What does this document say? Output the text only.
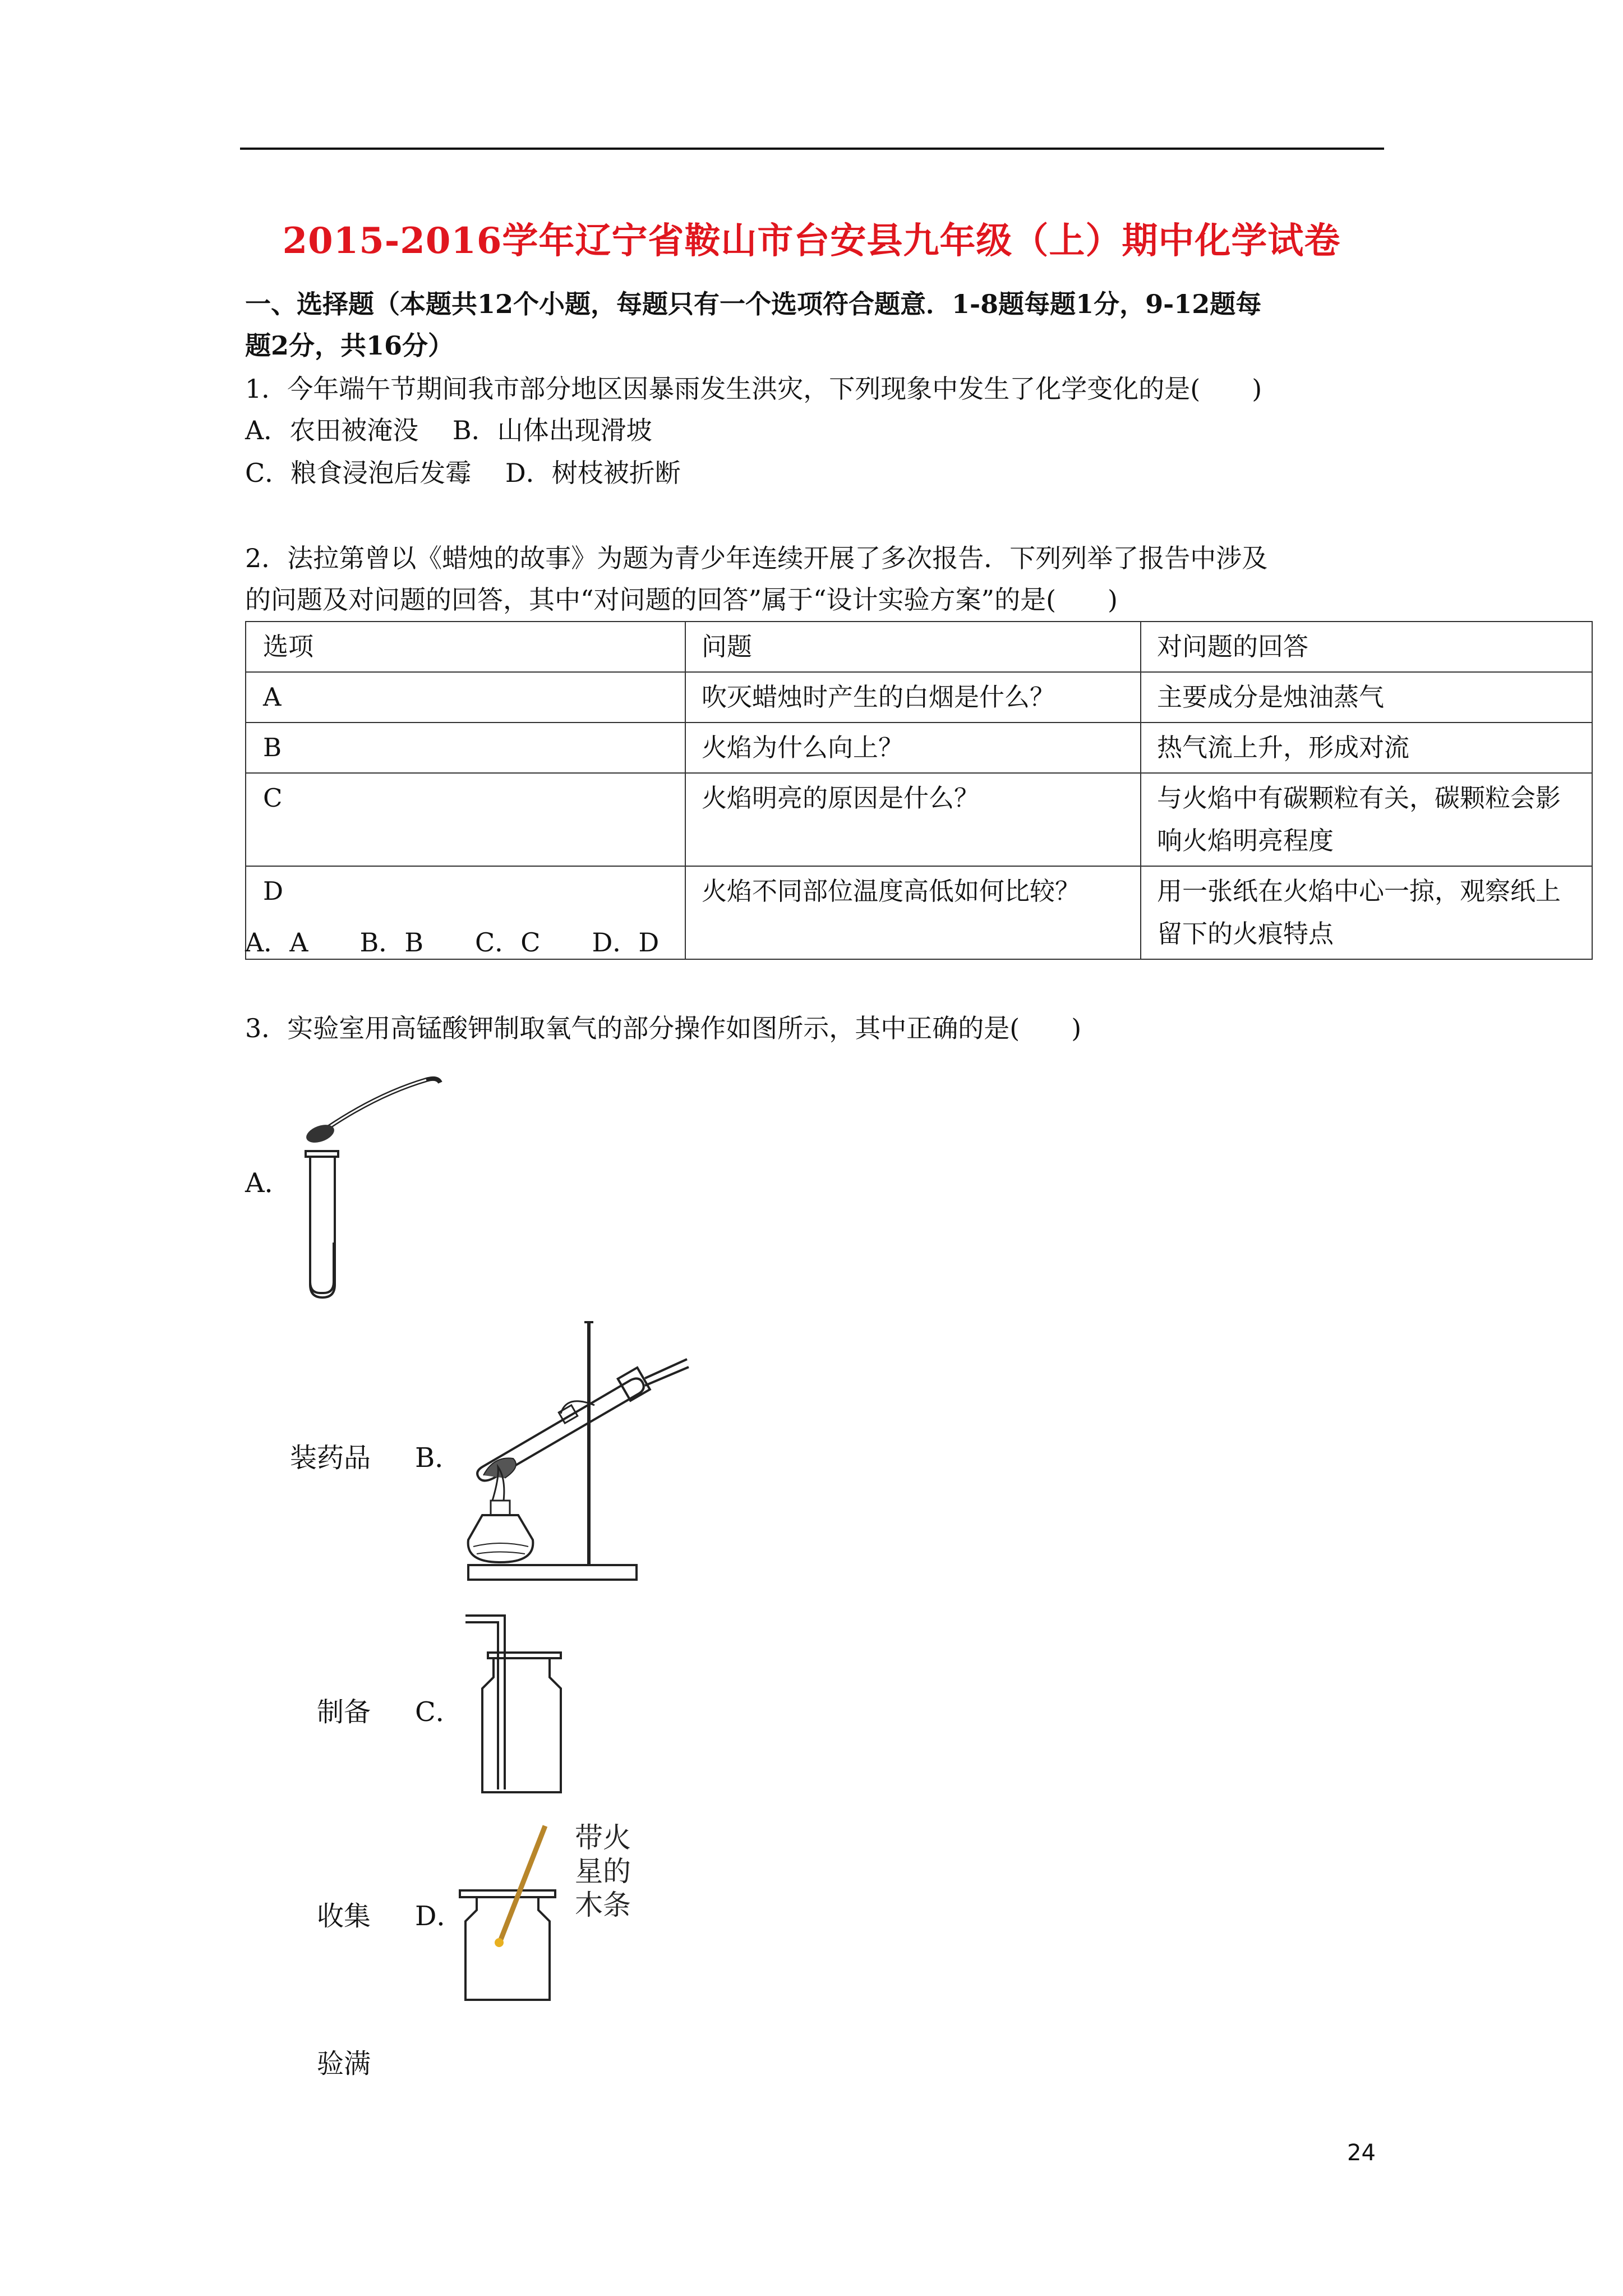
2015-2016学年辽宁省鞍山市台安县九年级（上）期中化学试卷
一、选择题（本题共12个小题，每题只有一个选项符合题意．1-8题每题1分，9-12题每
题2分，共16分）
1．今年端午节期间我市部分地区因暴雨发生洪灾，下列现象中发生了化学变化的是(　　)
A．农田被淹没　 B．山体出现滑坡
C．粮食浸泡后发霉　 D．树枝被折断
2．法拉第曾以《蜡烛的故事》为题为青少年连续开展了多次报告．下列列举了报告中涉及
的问题及对问题的回答，其中“对问题的回答”属于“设计实验方案”的是(　　)
选项	问题	对问题的回答
A	吹灭蜡烛时产生的白烟是什么？	主要成分是烛油蒸气
B	火焰为什么向上？	热气流上升，形成对流
C	火焰明亮的原因是什么？	与火焰中有碳颗粒有关，碳颗粒会影响火焰明亮程度
D	火焰不同部位温度高低如何比较？	用一张纸在火焰中心一掠，观察纸上留下的火痕特点
A．A　　B．B　　C．C　　D．D
3．实验室用高锰酸钾制取氧气的部分操作如图所示，其中正确的是(　　)
A．
装药品 B．
制备 C．
收集 D．
带火
星的
木条
验满
24
